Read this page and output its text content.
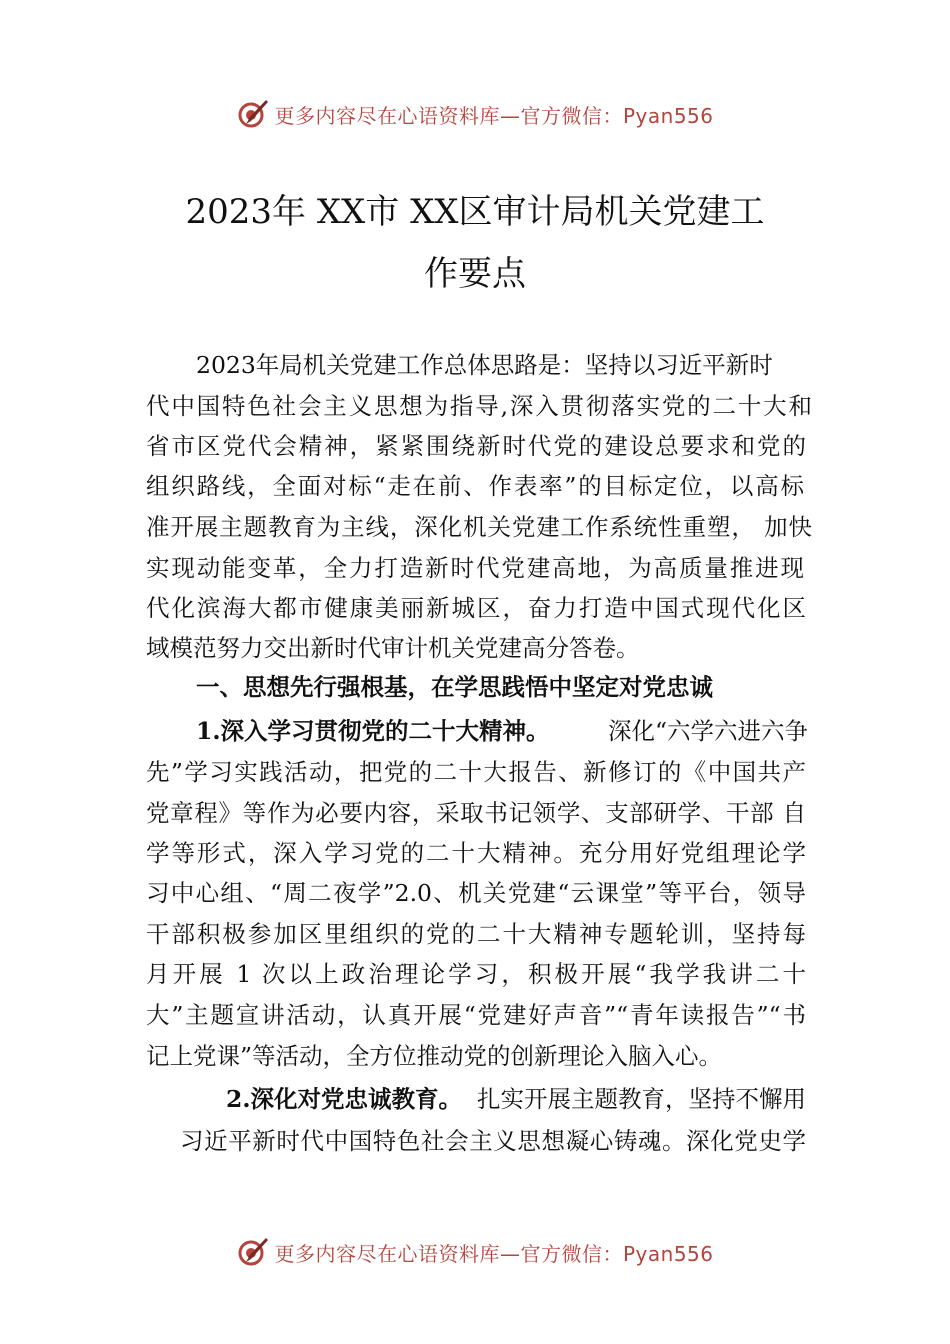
更多内容尽在心语资料库—官方微信：Pyan556
2023年 XX市 XX区审计局机关党建工
作要点
2023年局机关党建工作总体思路是：坚持以习近平新时
代中国特色社会主义思想为指导,深入贯彻落实党的二十大和
省市区党代会精神，紧紧围绕新时代党的建设总要求和党的
组织路线，全面对标“走在前、作表率”的目标定位，以高标
准开展主题教育为主线，深化机关党建工作系统性重塑， 加快
实现动能变革，全力打造新时代党建高地，为高质量推进现
代化滨海大都市健康美丽新城区，奋力打造中国式现代化区
域模范努力交出新时代审计机关党建高分答卷。
一、思想先行强根基，在学思践悟中坚定对党忠诚
1.深入学习贯彻党的二十大精神。 深化“六学六进六争
先”学习实践活动，把党的二十大报告、新修订的《中国共产
党章程》等作为必要内容，采取书记领学、支部研学、干部 自
学等形式，深入学习党的二十大精神。充分用好党组理论学
习中心组、“周二夜学”2.0、机关党建“云课堂”等平台，领导
干部积极参加区里组织的党的二十大精神专题轮训，坚持每
月开展 1 次以上政治理论学习，积极开展“我学我讲二十
大”主题宣讲活动，认真开展“党建好声音”“青年读报告”“书
记上党课”等活动，全方位推动党的创新理论入脑入心。
2.深化对党忠诚教育。 扎实开展主题教育，坚持不懈用
习近平新时代中国特色社会主义思想凝心铸魂。深化党史学
更多内容尽在心语资料库—官方微信：Pyan556
